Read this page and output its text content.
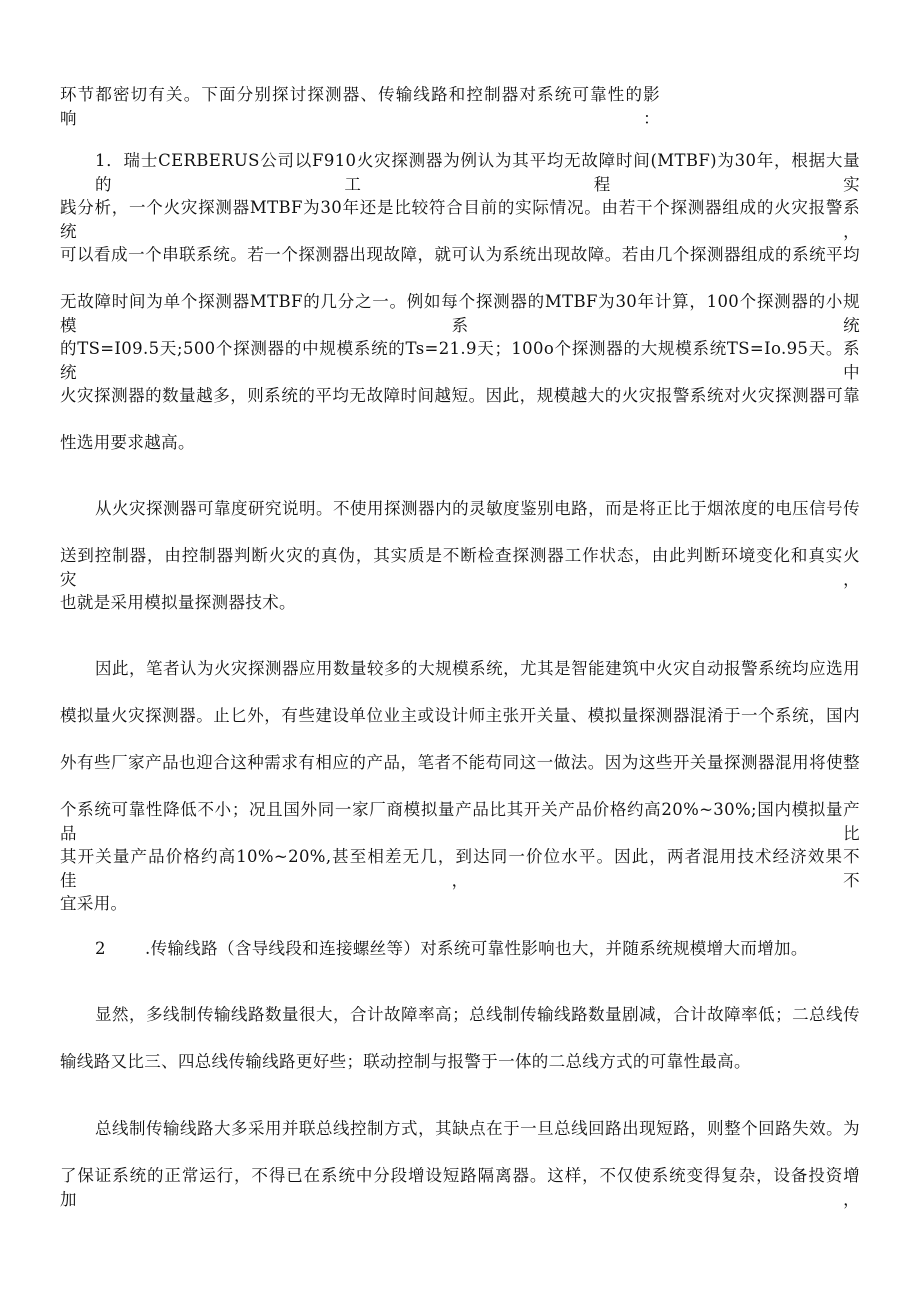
环节都密切有关。下面分别探讨探测器、传输线路和控制器对系统可靠性的影响：
1．瑞士CERBERUS公司以F910火灾探测器为例认为其平均无故障时间(MTBF)为30年，根据大量的工程实
践分析，一个火灾探测器MTBF为30年还是比较符合目前的实际情况。由若干个探测器组成的火灾报警系统，
可以看成一个串联系统。若一个探测器出现故障，就可认为系统出现故障。若由几个探测器组成的系统平均
无故障时间为单个探测器MTBF的几分之一。例如每个探测器的MTBF为30年计算，100个探测器的小规模系统
的TS=I09.5天;500个探测器的中规模系统的Ts=21.9天；100o个探测器的大规模系统TS=Io.95天。系统中
火灾探测器的数量越多，则系统的平均无故障时间越短。因此，规模越大的火灾报警系统对火灾探测器可靠
性选用要求越高。
从火灾探测器可靠度研究说明。不使用探测器内的灵敏度鉴别电路，而是将正比于烟浓度的电压信号传
送到控制器，由控制器判断火灾的真伪，其实质是不断检查探测器工作状态，由此判断环境变化和真实火灾，
也就是采用模拟量探测器技术。
因此，笔者认为火灾探测器应用数量较多的大规模系统，尤其是智能建筑中火灾自动报警系统均应选用
模拟量火灾探测器。止匕外，有些建设单位业主或设计师主张开关量、模拟量探测器混淆于一个系统，国内
外有些厂家产品也迎合这种需求有相应的产品，笔者不能苟同这一做法。因为这些开关量探测器混用将使整
个系统可靠性降低不小；况且国外同一家厂商模拟量产品比其开关产品价格约高20%~30%;国内模拟量产品比
其开关量产品价格约高10%~20%,甚至相差无几，到达同一价位水平。因此，两者混用技术经济效果不佳，不
宜采用。
2       .传输线路（含导线段和连接螺丝等）对系统可靠性影响也大，并随系统规模增大而增加。
显然，多线制传输线路数量很大，合计故障率高；总线制传输线路数量剧减，合计故障率低；二总线传
输线路又比三、四总线传输线路更好些；联动控制与报警于一体的二总线方式的可靠性最高。
总线制传输线路大多采用并联总线控制方式，其缺点在于一旦总线回路出现短路，则整个回路失效。为
了保证系统的正常运行，不得已在系统中分段增设短路隔离器。这样，不仅使系统变得复杂，设备投资增加，
